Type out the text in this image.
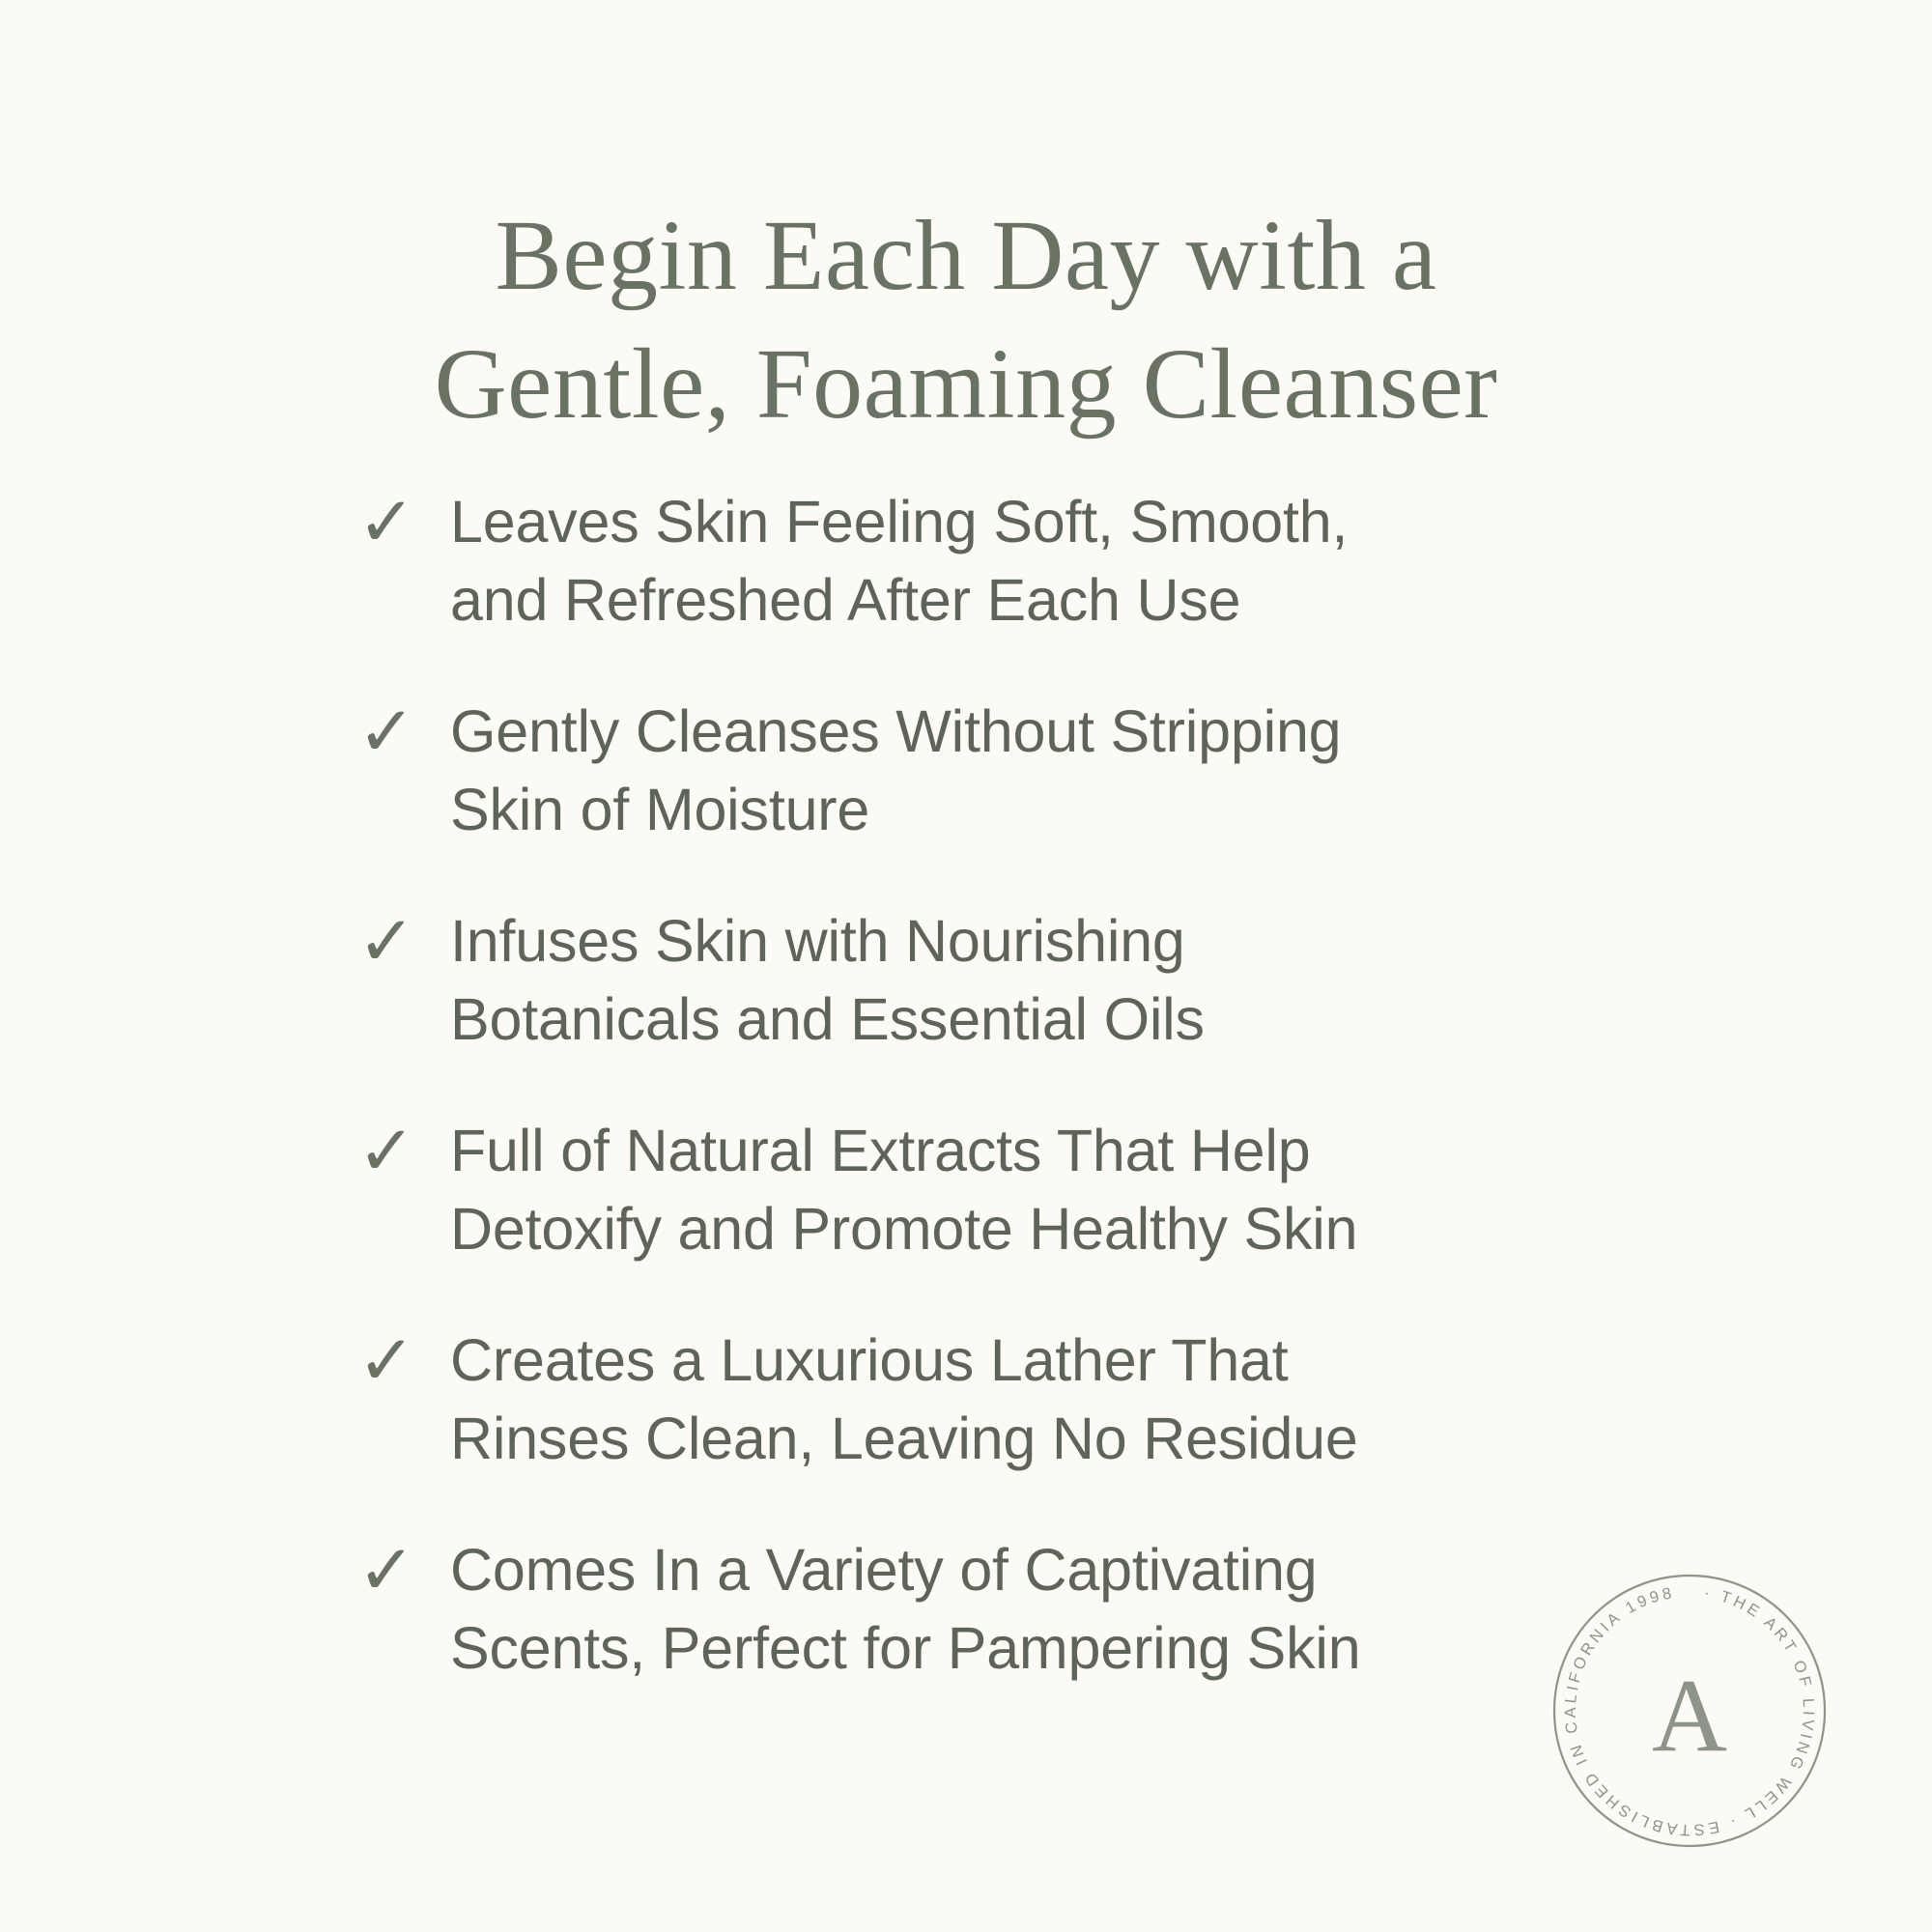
Begin Each Day with a
Gentle, Foaming Cleanser
✓ Leaves Skin Feeling Soft, Smooth,
and Refreshed After Each Use
✓ Gently Cleanses Without Stripping
Skin of Moisture
✓ Infuses Skin with Nourishing
Botanicals and Essential Oils
✓ Full of Natural Extracts That Help
Detoxify and Promote Healthy Skin
✓ Creates a Luxurious Lather That
Rinses Clean, Leaving No Residue
✓ Comes In a Variety of Captivating
Scents, Perfect for Pampering Skin
· THE ART OF LIVING WELL · ESTABLISHED IN CALIFORNIA 1998
A
